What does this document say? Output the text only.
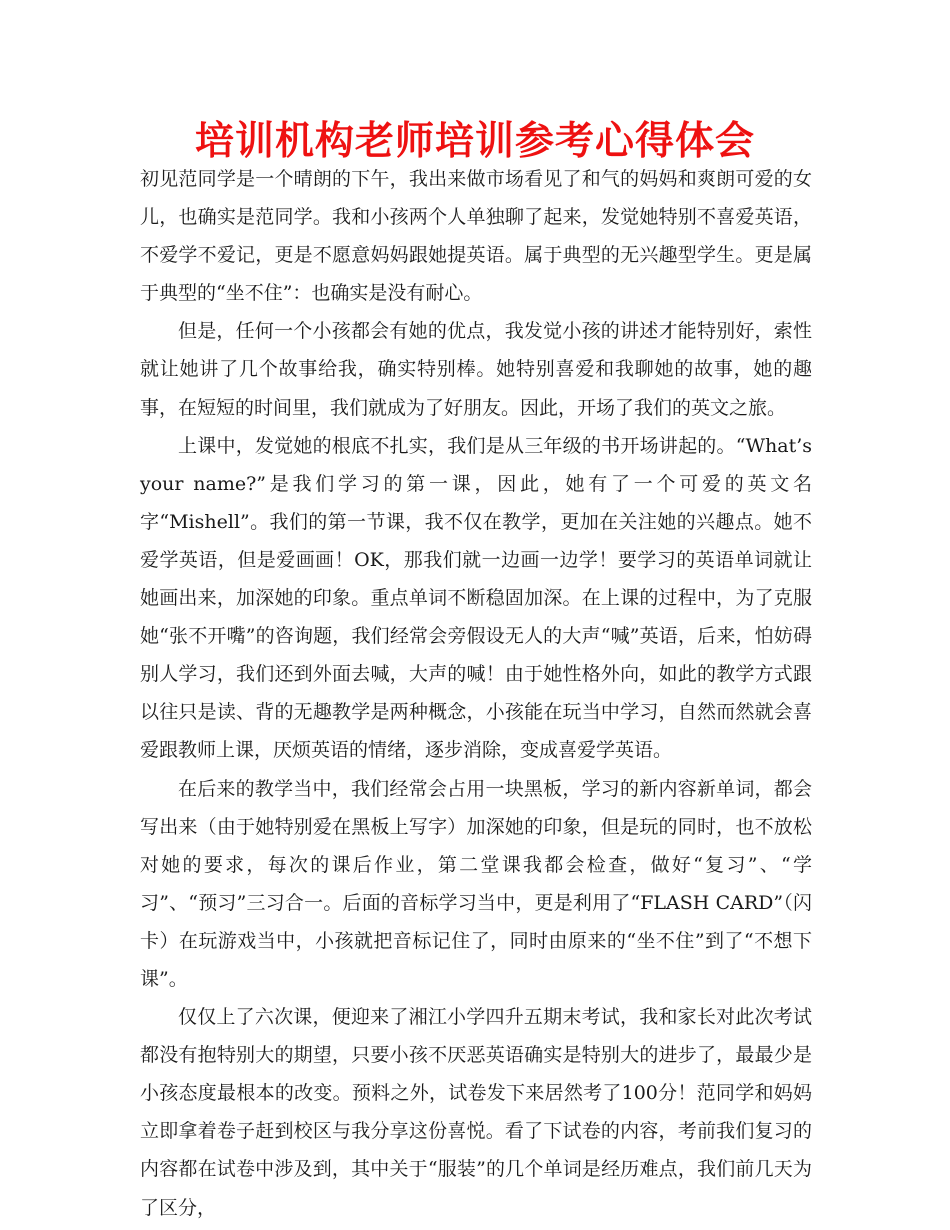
培训机构老师培训参考心得体会

初见范同学是一个晴朗的下午，我出来做市场看见了和气的妈妈和爽朗可爱的女儿，也确实是范同学。我和小孩两个人单独聊了起来，发觉她特别不喜爱英语，不爱学不爱记，更是不愿意妈妈跟她提英语。属于典型的无兴趣型学生。更是属于典型的“坐不住”：也确实是没有耐心。

但是，任何一个小孩都会有她的优点，我发觉小孩的讲述才能特别好，索性就让她讲了几个故事给我，确实特别棒。她特别喜爱和我聊她的故事，她的趣事，在短短的时间里，我们就成为了好朋友。因此，开场了我们的英文之旅。

上课中，发觉她的根底不扎实，我们是从三年级的书开场讲起的。“What’s your name?”是我们学习的第一课，因此，她有了一个可爱的英文名字“Mishell”。我们的第一节课，我不仅在教学，更加在关注她的兴趣点。她不爱学英语，但是爱画画！OK，那我们就一边画一边学！要学习的英语单词就让她画出来，加深她的印象。重点单词不断稳固加深。在上课的过程中，为了克服她“张不开嘴”的咨询题，我们经常会旁假设无人的大声“喊”英语，后来，怕妨碍别人学习，我们还到外面去喊，大声的喊！由于她性格外向，如此的教学方式跟以往只是读、背的无趣教学是两种概念，小孩能在玩当中学习，自然而然就会喜爱跟教师上课，厌烦英语的情绪，逐步消除，变成喜爱学英语。

在后来的教学当中，我们经常会占用一块黑板，学习的新内容新单词，都会写出来（由于她特别爱在黑板上写字）加深她的印象，但是玩的同时，也不放松对她的要求，每次的课后作业，第二堂课我都会检查，做好“复习”、“学习”、“预习”三习合一。后面的音标学习当中，更是利用了“FLASH CARD”（闪卡）在玩游戏当中，小孩就把音标记住了，同时由原来的“坐不住”到了“不想下课”。

仅仅上了六次课，便迎来了湘江小学四升五期末考试，我和家长对此次考试都没有抱特别大的期望，只要小孩不厌恶英语确实是特别大的进步了，最最少是小孩态度最根本的改变。预料之外，试卷发下来居然考了100分！范同学和妈妈立即拿着卷子赶到校区与我分享这份喜悦。看了下试卷的内容，考前我们复习的内容都在试卷中涉及到，其中关于“服装”的几个单词是经历难点，我们前几天为了区分，
